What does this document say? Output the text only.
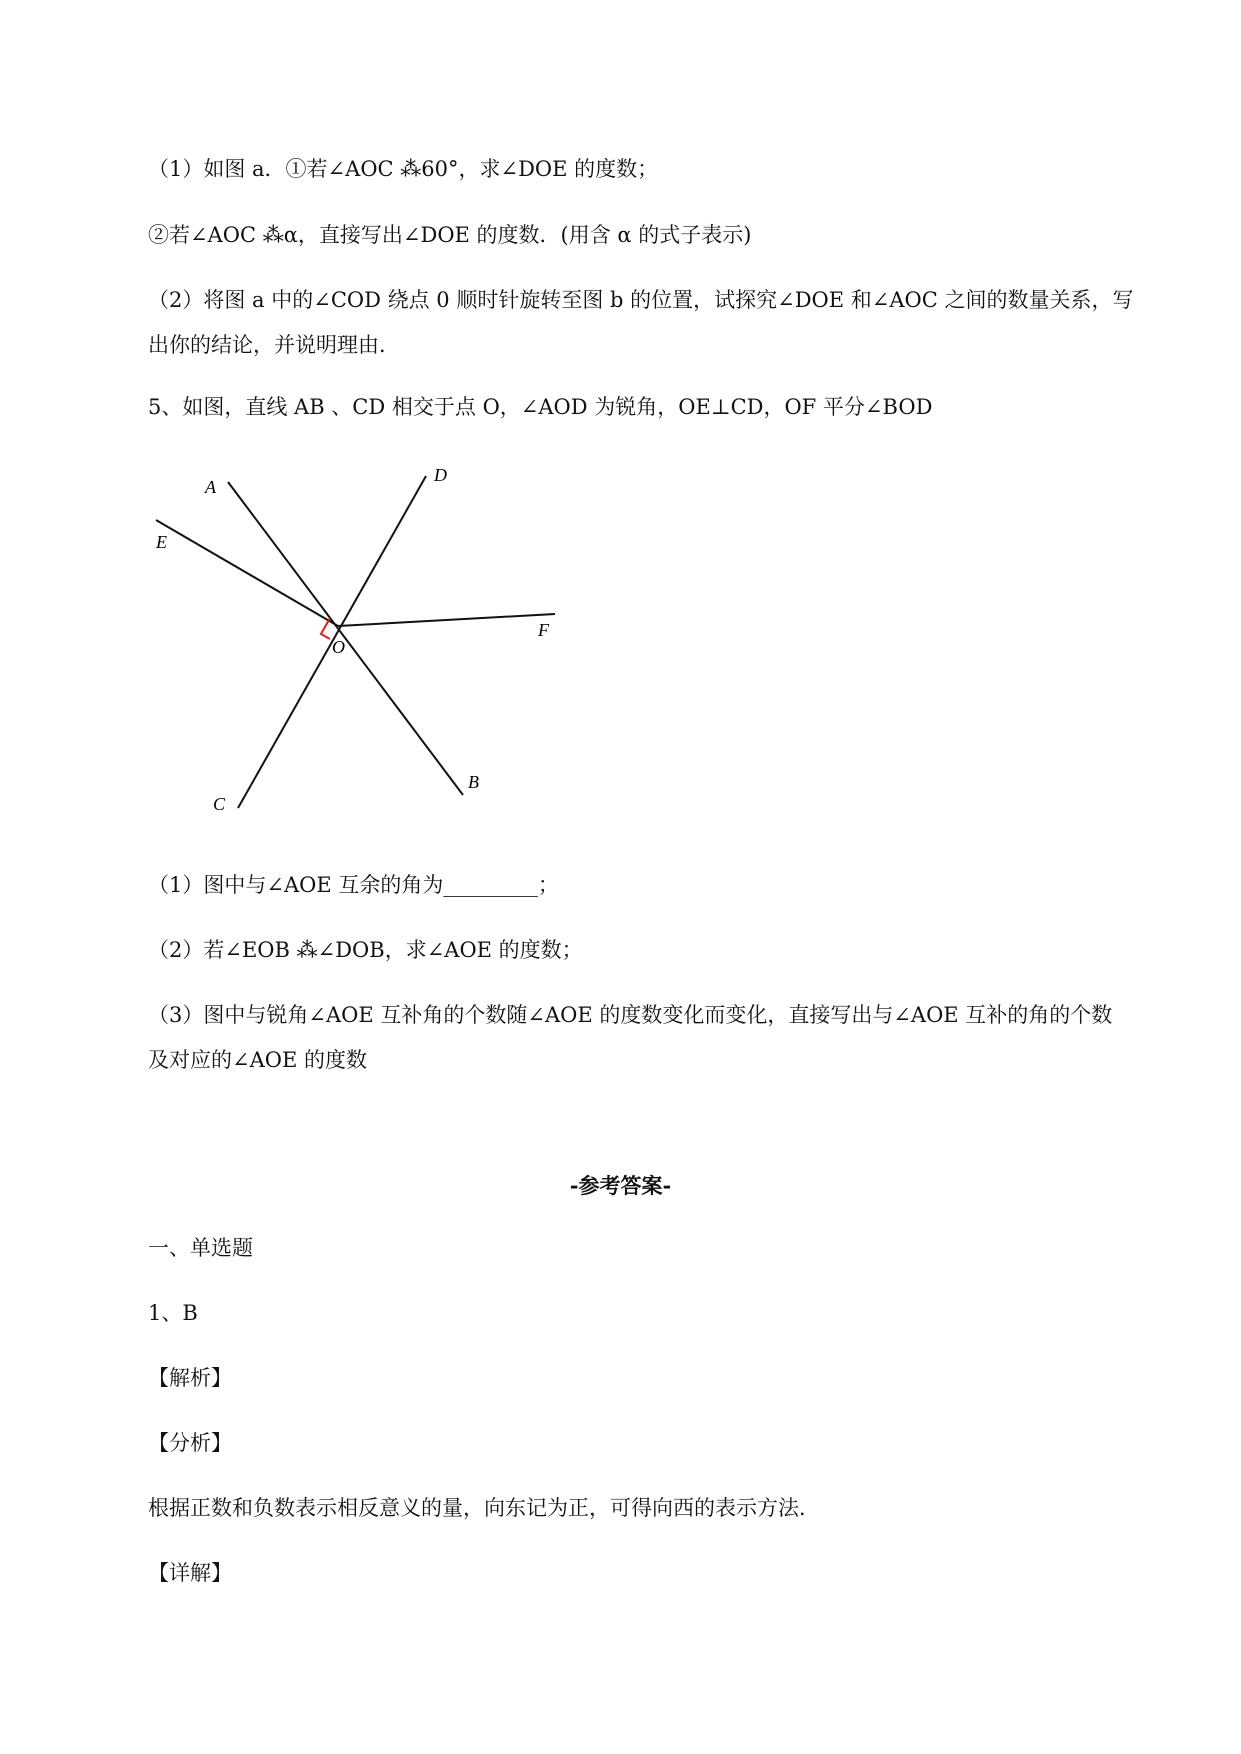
（1）如图 a．①若∠AOC ⁂60°，求∠DOE 的度数；
②若∠AOC ⁂α，直接写出∠DOE 的度数．(用含 α 的式子表示)
（2）将图 a 中的∠COD 绕点 0 顺时针旋转至图 b 的位置，试探究∠DOE 和∠AOC 之间的数量关系，写
出你的结论，并说明理由．
5、如图，直线 AB 、CD 相交于点 O，∠AOD 为锐角，OE⊥CD，OF 平分∠BOD
A
D
E
O
F
C
B
（1）图中与∠AOE 互余的角为_________；
（2）若∠EOB ⁂∠DOB，求∠AOE 的度数；
（3）图中与锐角∠AOE 互补角的个数随∠AOE 的度数变化而变化，直接写出与∠AOE 互补的角的个数
及对应的∠AOE 的度数
-参考答案-
一、单选题
1、B
【解析】
【分析】
根据正数和负数表示相反意义的量，向东记为正，可得向西的表示方法．
【详解】
